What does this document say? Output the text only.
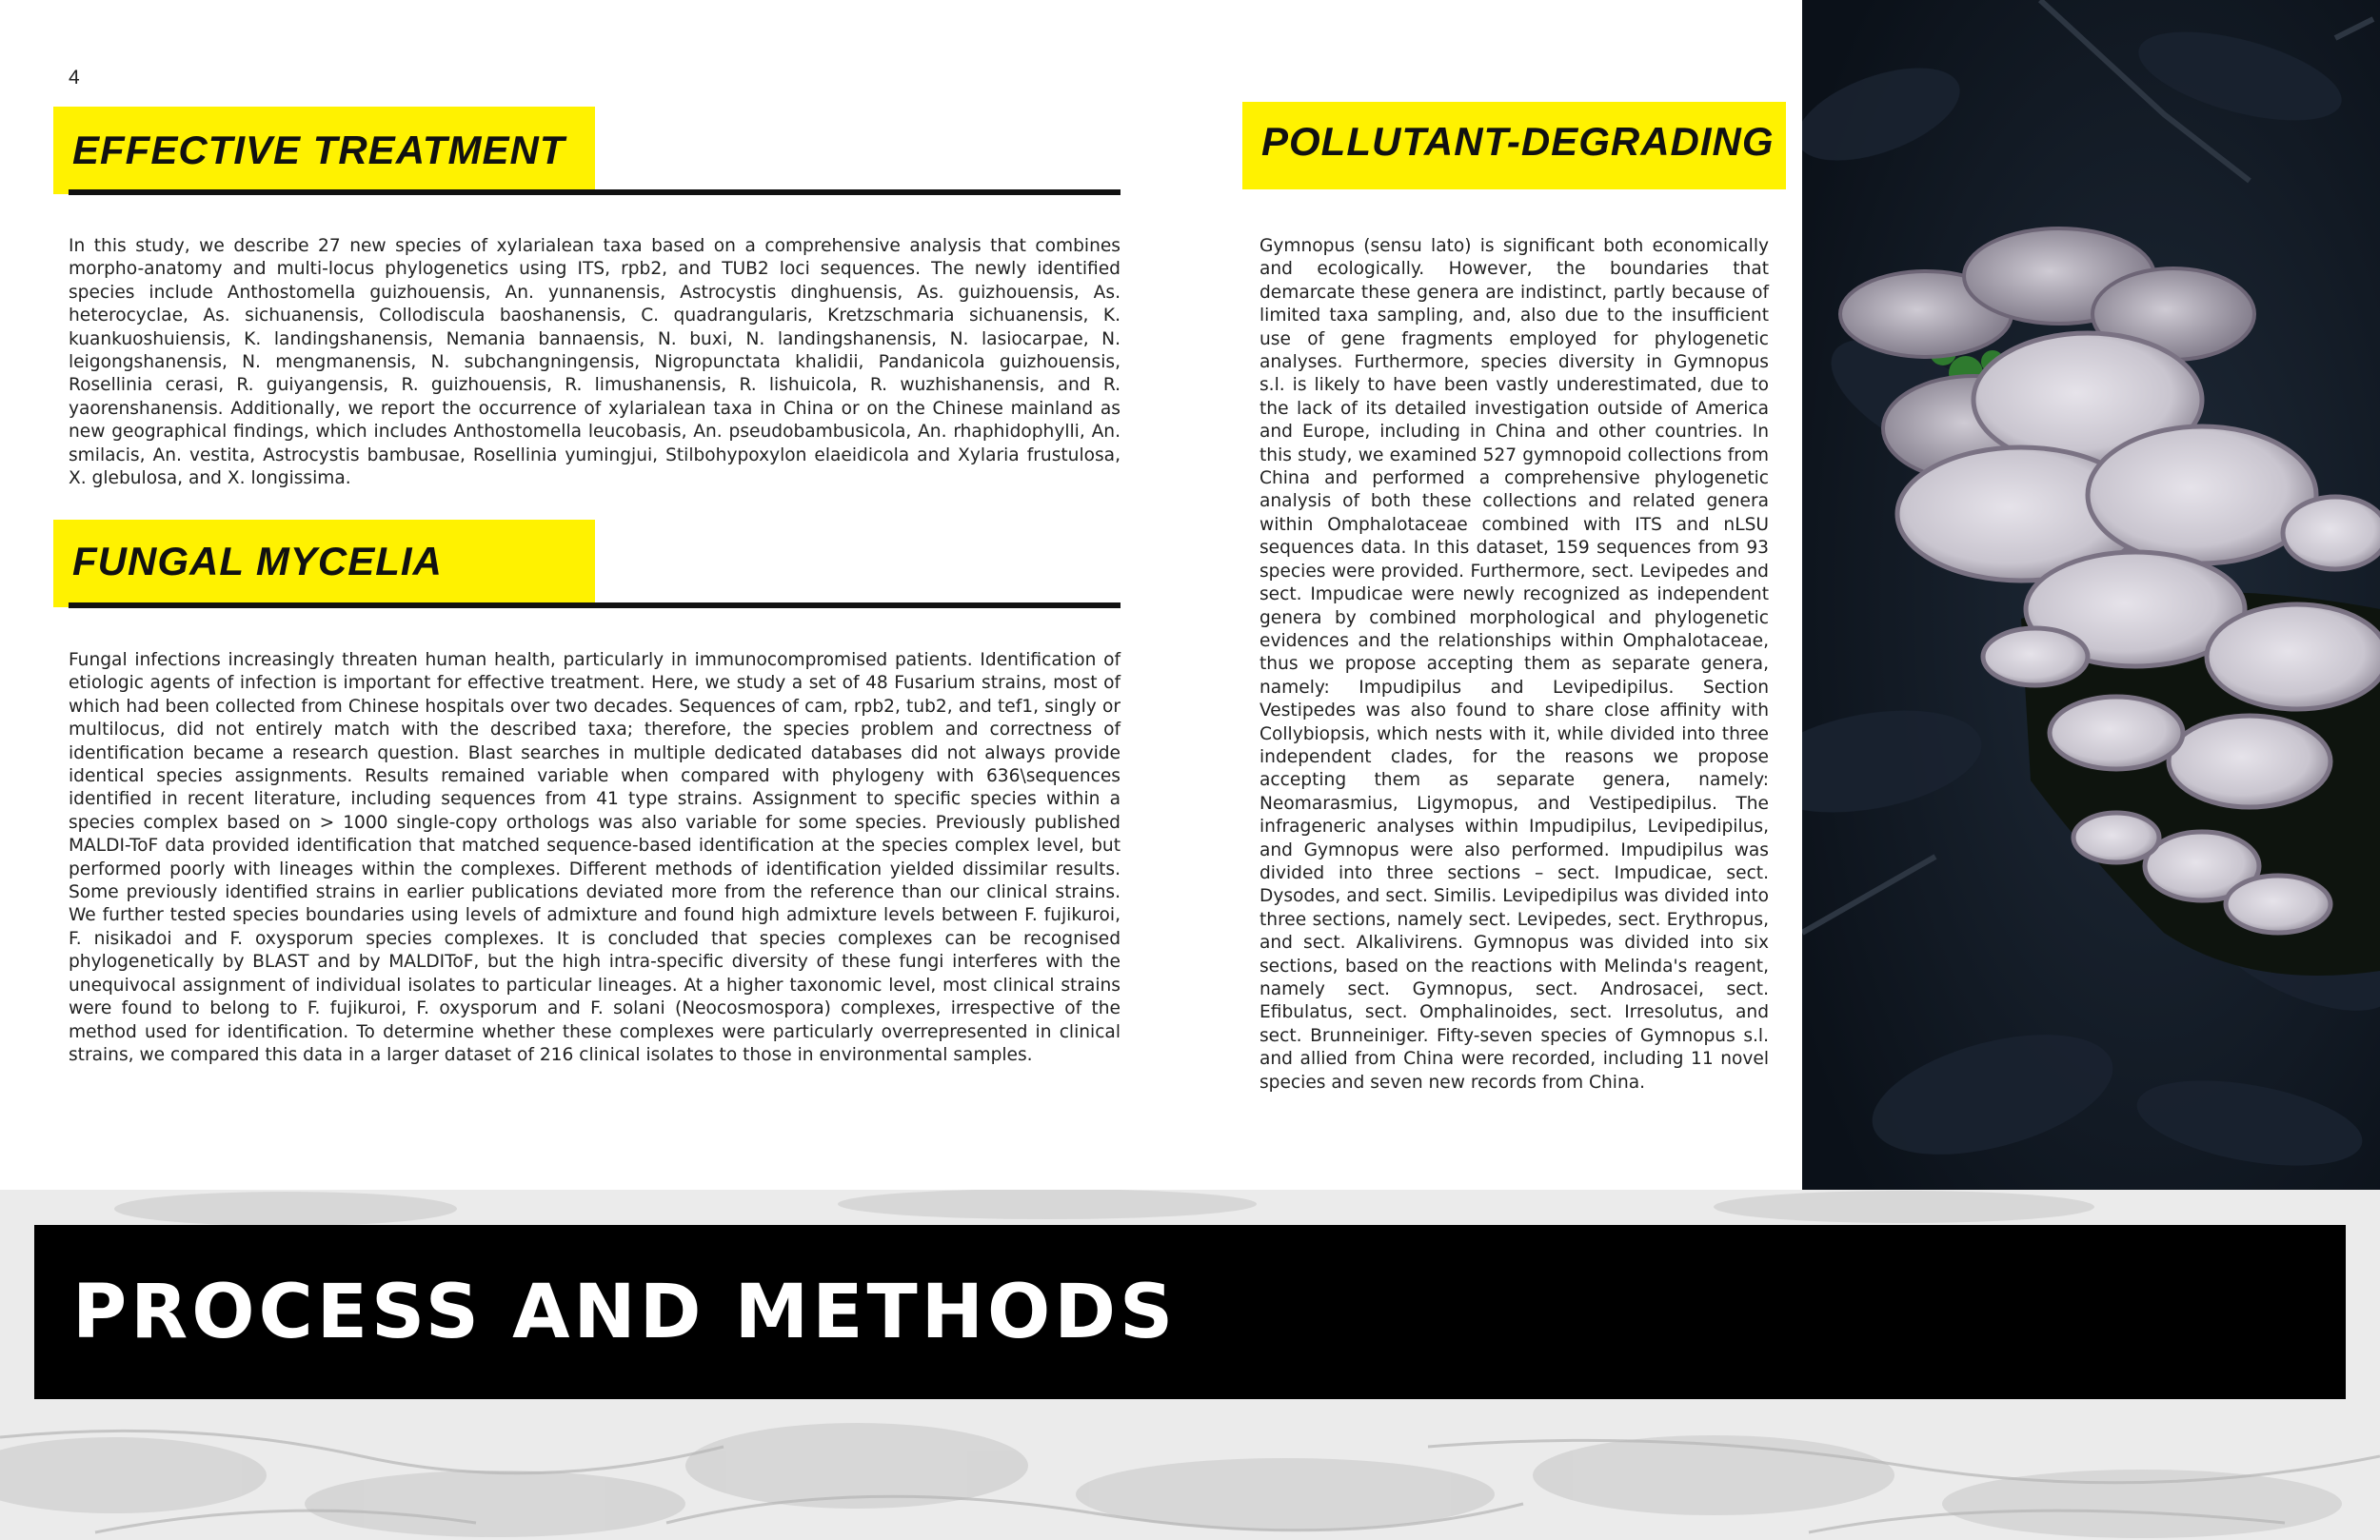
4
EFFECTIVE TREATMENT

In this study, we describe 27 new species of xylarialean taxa based on a comprehensive analysis that combines morpho-anatomy and multi-locus phylogenetics using ITS, rpb2, and TUB2 loci sequences. The newly identified species include Anthostomella guizhouensis, An. yunnanensis, Astrocystis dinghuensis, As. guizhouensis, As. heterocyclae, As. sichuanensis, Collodiscula baoshanensis, C. quadrangularis, Kretzschmaria sichuanensis, K. kuankuoshuiensis, K. landingshanensis, Nemania bannaensis, N. buxi, N. landingshanensis, N. lasiocarpae, N. leigongshanensis, N. mengmanensis, N. subchangningensis, Nigropunctata khalidii, Pandanicola guizhouensis, Rosellinia cerasi, R. guiyangensis, R. guizhouensis, R. limushanensis, R. lishuicola, R. wuzhishanensis, and R. yaorenshanensis. Additionally, we report the occurrence of xylarialean taxa in China or on the Chinese mainland as new geographical findings, which includes Anthostomella leucobasis, An. pseudobambusicola, An. rhaphidophylli, An. smilacis, An. vestita, Astrocystis bambusae, Rosellinia yumingjui, Stilbohypoxylon elaeidicola and Xylaria frustulosa, X. glebulosa, and X. longissima.

FUNGAL MYCELIA

Fungal infections increasingly threaten human health, particularly in immunocompromised patients. Identification of etiologic agents of infection is important for effective treatment. Here, we study a set of 48 Fusarium strains, most of which had been collected from Chinese hospitals over two decades. Sequences of cam, rpb2, tub2, and tef1, singly or multilocus, did not entirely match with the described taxa; therefore, the species problem and correctness of identification became a research question. Blast searches in multiple dedicated databases did not always provide identical species assignments. Results remained variable when compared with phylogeny with 636\sequences identified in recent literature, including sequences from 41 type strains. Assignment to specific species within a species complex based on > 1000 single-copy orthologs was also variable for some species. Previously published MALDI-ToF data provided identification that matched sequence-based identification at the species complex level, but performed poorly with lineages within the complexes. Different methods of identification yielded dissimilar results. Some previously identified strains in earlier publications deviated more from the reference than our clinical strains. We further tested species boundaries using levels of admixture and found high admixture levels between F. fujikuroi, F. nisikadoi and F. oxysporum species complexes. It is concluded that species complexes can be recognised phylogenetically by BLAST and by MALDIToF, but the high intra-specific diversity of these fungi interferes with the unequivocal assignment of individual isolates to particular lineages. At a higher taxonomic level, most clinical strains were found to belong to F. fujikuroi, F. oxysporum and F. solani (Neocosmospora) complexes, irrespective of the method used for identification. To determine whether these complexes were particularly overrepresented in clinical strains, we compared this data in a larger dataset of 216 clinical isolates to those in environmental samples.

POLLUTANT-DEGRADING

Gymnopus (sensu lato) is significant both economically and ecologically. However, the boundaries that demarcate these genera are indistinct, partly because of limited taxa sampling, and, also due to the insufficient use of gene fragments employed for phylogenetic analyses. Furthermore, species diversity in Gymnopus s.l. is likely to have been vastly underestimated, due to the lack of its detailed investigation outside of America and Europe, including in China and other countries. In this study, we examined 527 gymnopoid collections from China and performed a comprehensive phylogenetic analysis of both these collections and related genera within Omphalotaceae combined with ITS and nLSU sequences data. In this dataset, 159 sequences from 93 species were provided. Furthermore, sect. Levipedes and sect. Impudicae were newly recognized as independent genera by combined morphological and phylogenetic evidences and the relationships within Omphalotaceae, thus we propose accepting them as separate genera, namely: Impudipilus and Levipedipilus. Section Vestipedes was also found to share close affinity with Collybiopsis, which nests with it, while divided into three independent clades, for the reasons we propose accepting them as separate genera, namely: Neomarasmius, Ligymopus, and Vestipedipilus. The infrageneric analyses within Impudipilus, Levipedipilus, and Gymnopus were also performed. Impudipilus was divided into three sections – sect. Impudicae, sect. Dysodes, and sect. Similis. Levipedipilus was divided into three sections, namely sect. Levipedes, sect. Erythropus, and sect. Alkalivirens. Gymnopus was divided into six sections, based on the reactions with Melinda's reagent, namely sect. Gymnopus, sect. Androsacei, sect. Efibulatus, sect. Omphalinoides, sect. Irresolutus, and sect. Brunneiniger. Fifty-seven species of Gymnopus s.l. and allied from China were recorded, including 11 novel species and seven new records from China.

PROCESS AND METHODS
